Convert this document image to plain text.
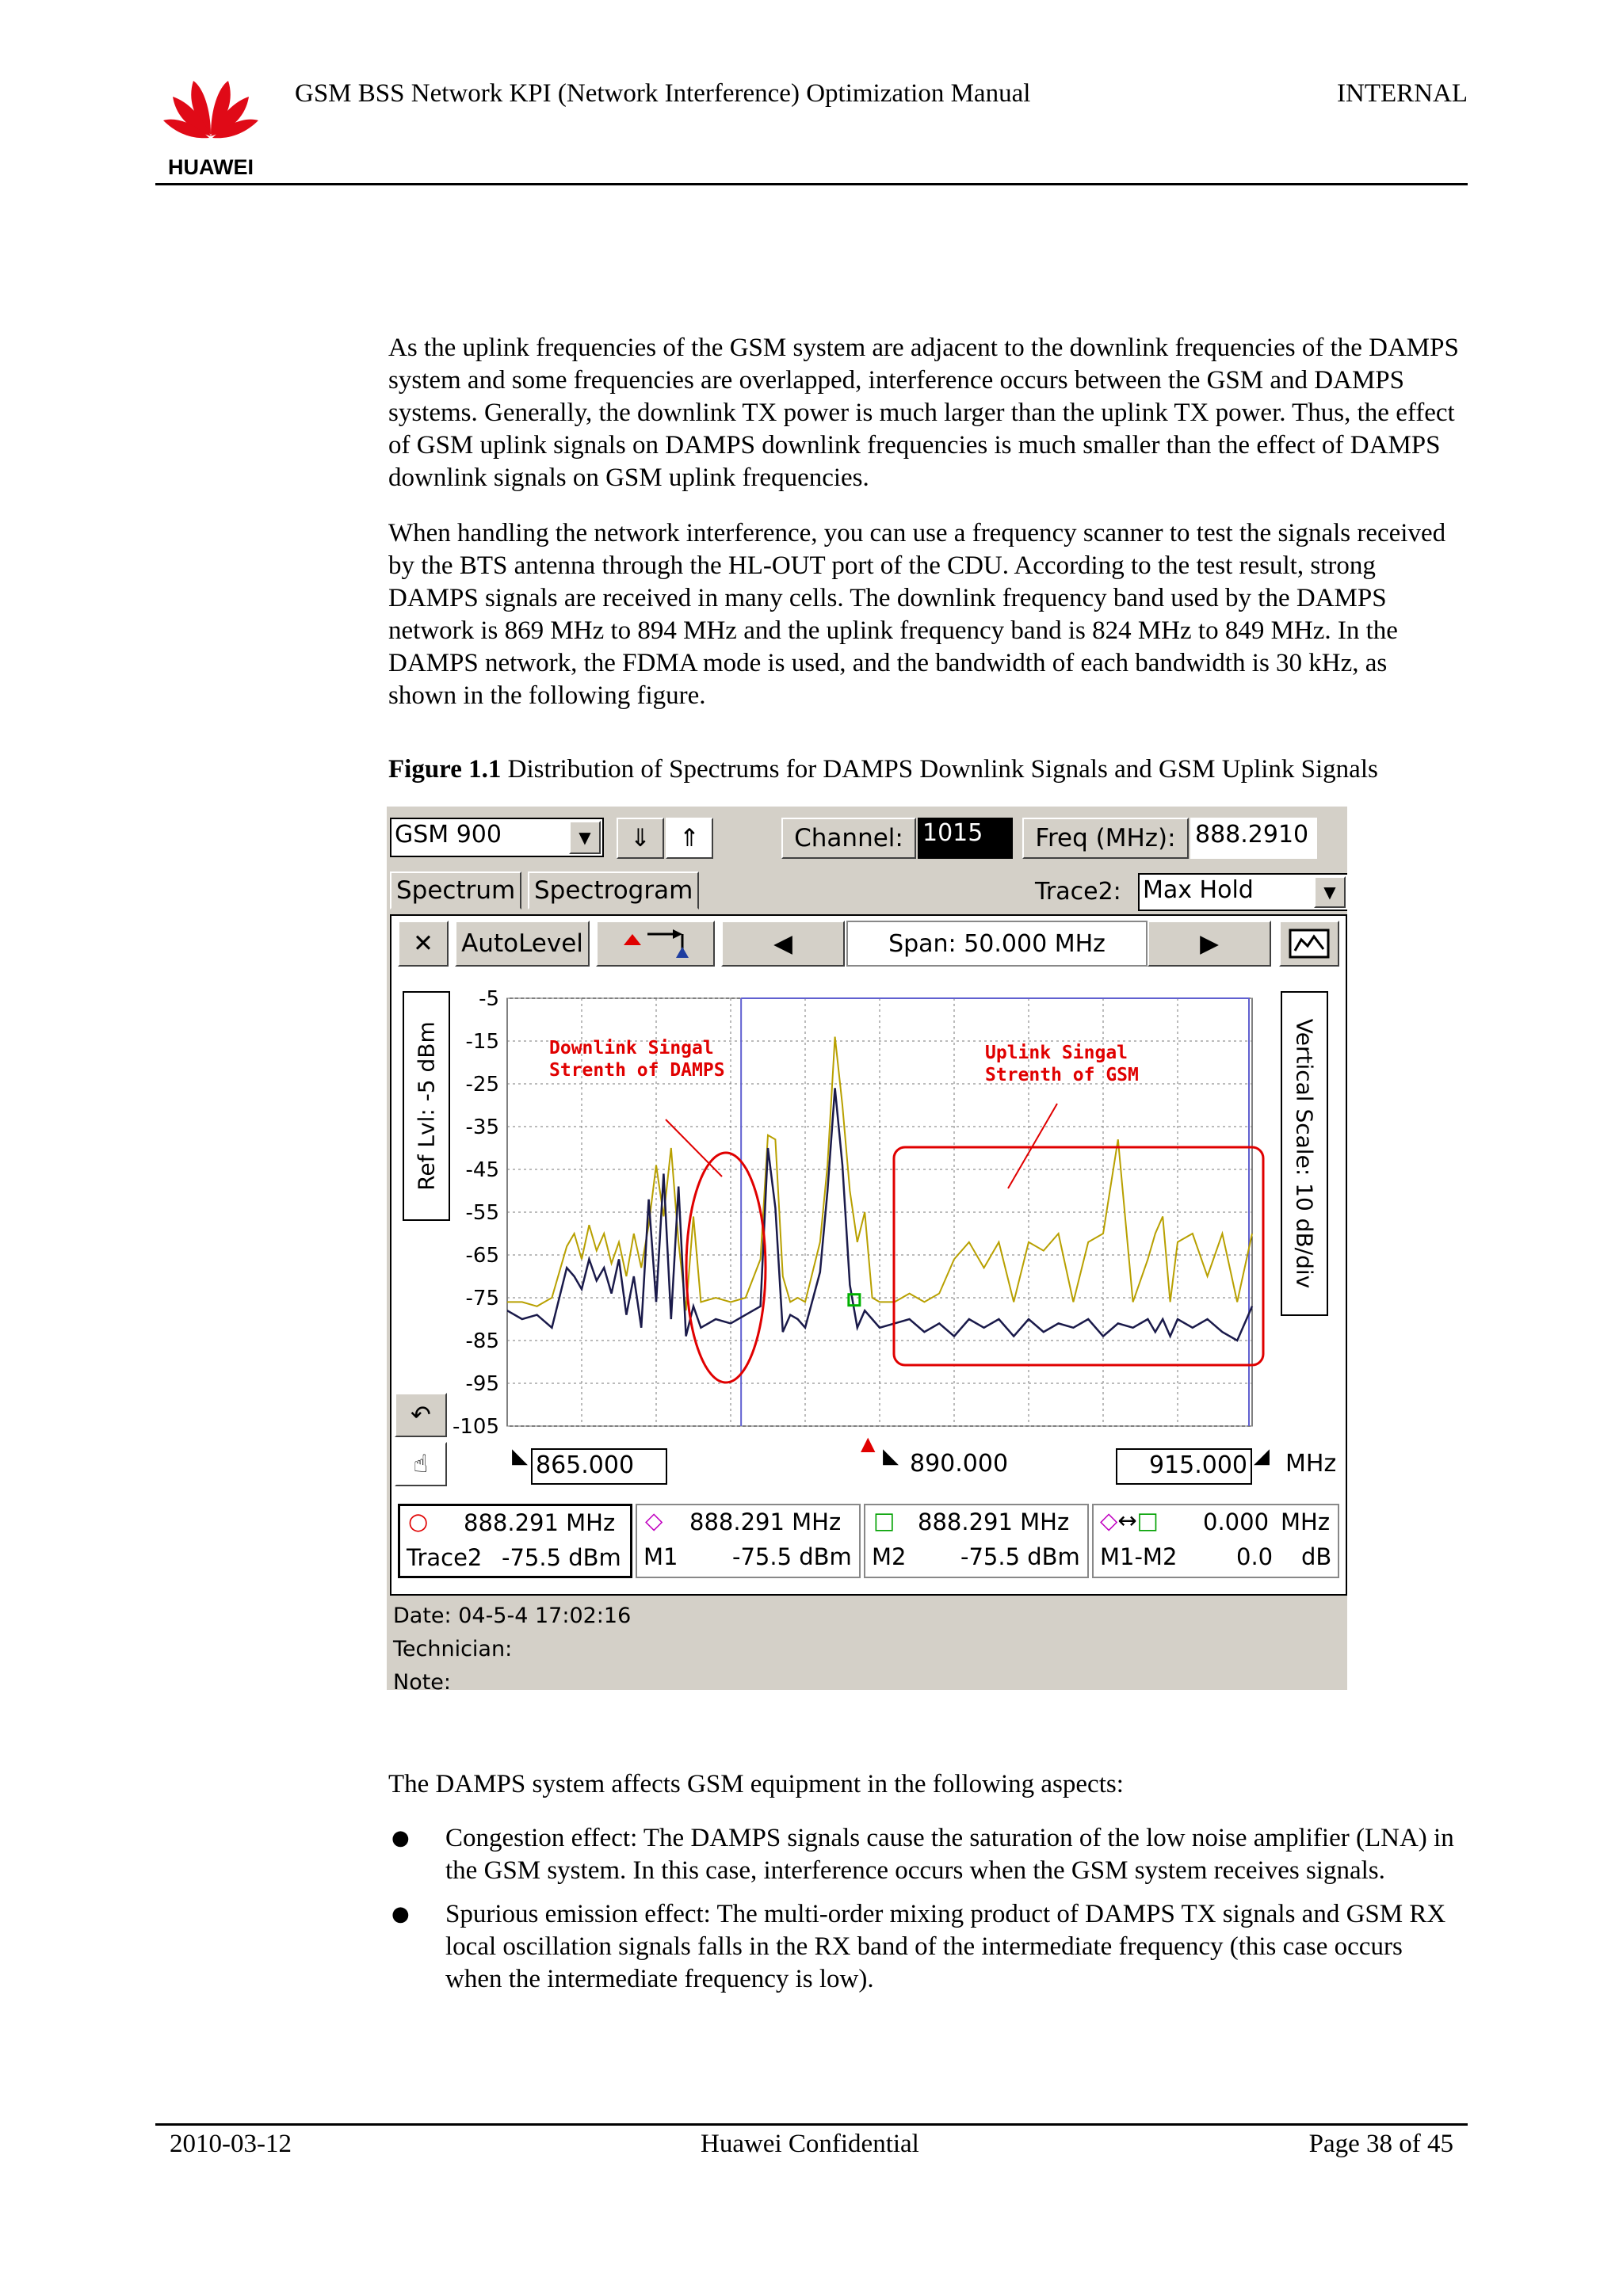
HUAWEI
GSM BSS Network KPI (Network Interference) Optimization Manual	INTERNAL

As the uplink frequencies of the GSM system are adjacent to the downlink frequencies of the DAMPS system and some frequencies are overlapped, interference occurs between the GSM and DAMPS systems. Generally, the downlink TX power is much larger than the uplink TX power. Thus, the effect of GSM uplink signals on DAMPS downlink frequencies is much smaller than the effect of DAMPS downlink signals on GSM uplink frequencies.

When handling the network interference, you can use a frequency scanner to test the signals received by the BTS antenna through the HL-OUT port of the CDU. According to the test result, strong DAMPS signals are received in many cells. The downlink frequency band used by the DAMPS network is 869 MHz to 894 MHz and the uplink frequency band is 824 MHz to 849 MHz. In the DAMPS network, the FDMA mode is used, and the bandwidth of each bandwidth is 30 kHz, as shown in the following figure.

Figure 1.1 Distribution of Spectrums for DAMPS Downlink Signals and GSM Uplink Signals
GSM 900	▼	⇓	⇑	Channel: 1015	Freq (MHz): 888.2910
Spectrum Spectrogram	Trace2: Max Hold	▼
✕	AutoLevel	◀	Span: 50.000 MHz	▶
Ref Lvl: -5 dBm	Vertical Scale: 10 dB/div
↶
☝
-5
-15
-25
-35
-45
-55
-65
-75
-85
-95
-105
Downlink Singal
Strenth of DAMPS
Uplink Singal
Strenth of GSM
◣ 865.000
▲
◣ 890.000	915.000 ◢ MHz
○ 888.291 MHz
Trace2 -75.5 dBm
◇ 888.291 MHz
M1 -75.5 dBm
□ 888.291 MHz
M2 -75.5 dBm
◇↔□ 0.000 MHz
M1-M2	0.0 dB
Date: 04-5-4 17:02:16
Technician:
Note:

The DAMPS system affects GSM equipment in the following aspects:

● Congestion effect: The DAMPS signals cause the saturation of the low noise amplifier (LNA) in the GSM system. In this case, interference occurs when the GSM system receives signals.
● Spurious emission effect: The multi-order mixing product of DAMPS TX signals and GSM RX local oscillation signals falls in the RX band of the intermediate frequency (this case occurs when the intermediate frequency is low).
2010-03-12	Huawei Confidential	Page 38 of 45
